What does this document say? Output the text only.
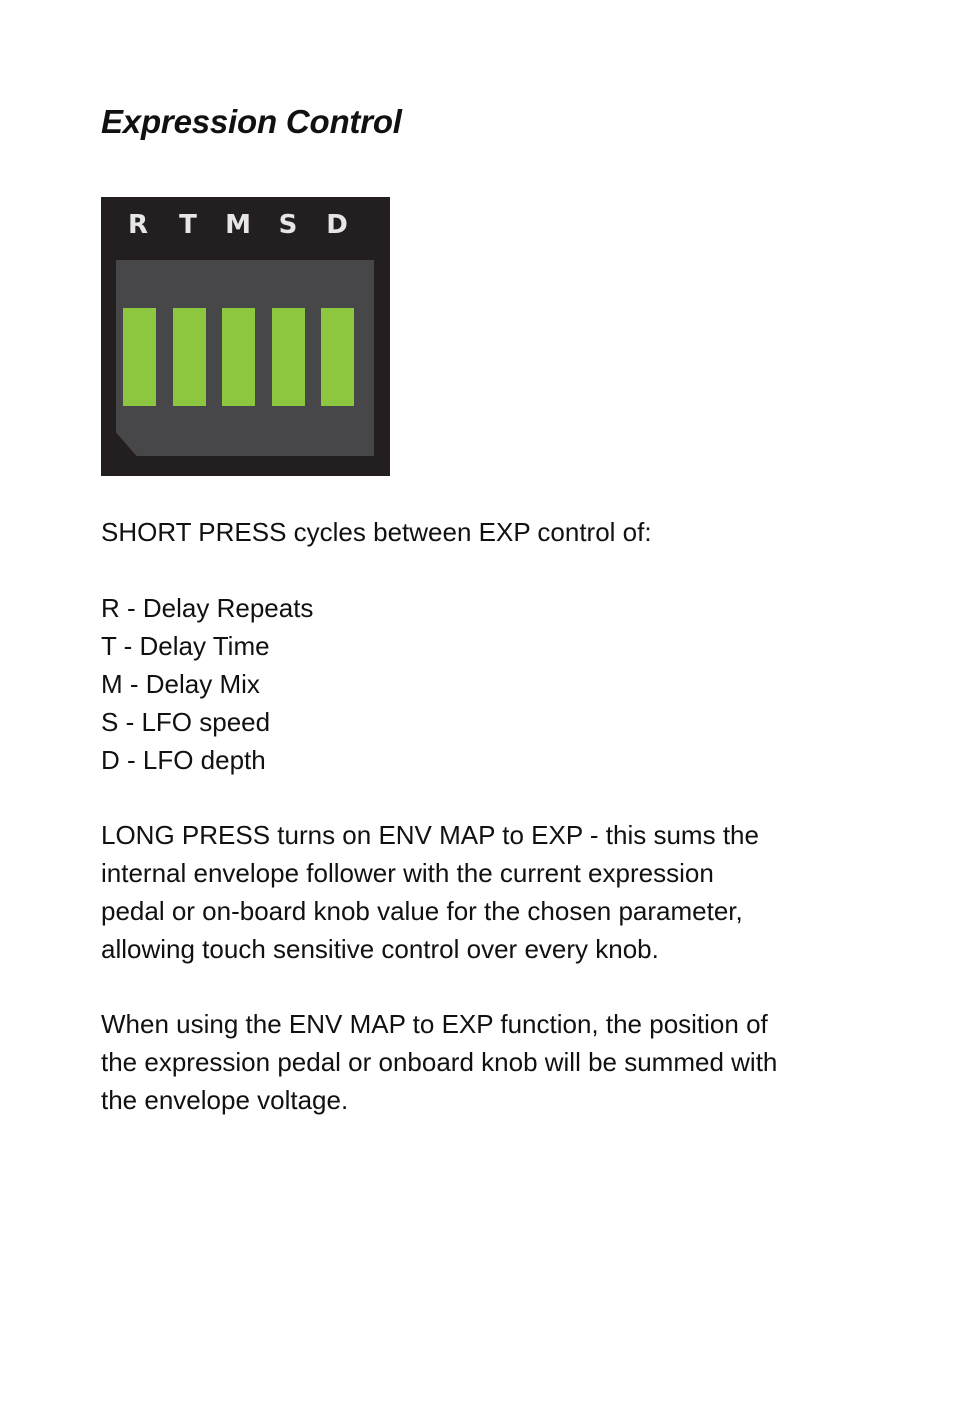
Expression Control
R	T	M	S	D

SHORT PRESS cycles between EXP control of:

R - Delay Repeats
T - Delay Time
M - Delay Mix
S - LFO speed
D - LFO depth

LONG PRESS turns on ENV MAP to EXP - this sums the
internal envelope follower with the current expression
pedal or on-board knob value for the chosen parameter,
allowing touch sensitive control over every knob.

When using the ENV MAP to EXP function, the position of
the expression pedal or onboard knob will be summed with
the envelope voltage.
